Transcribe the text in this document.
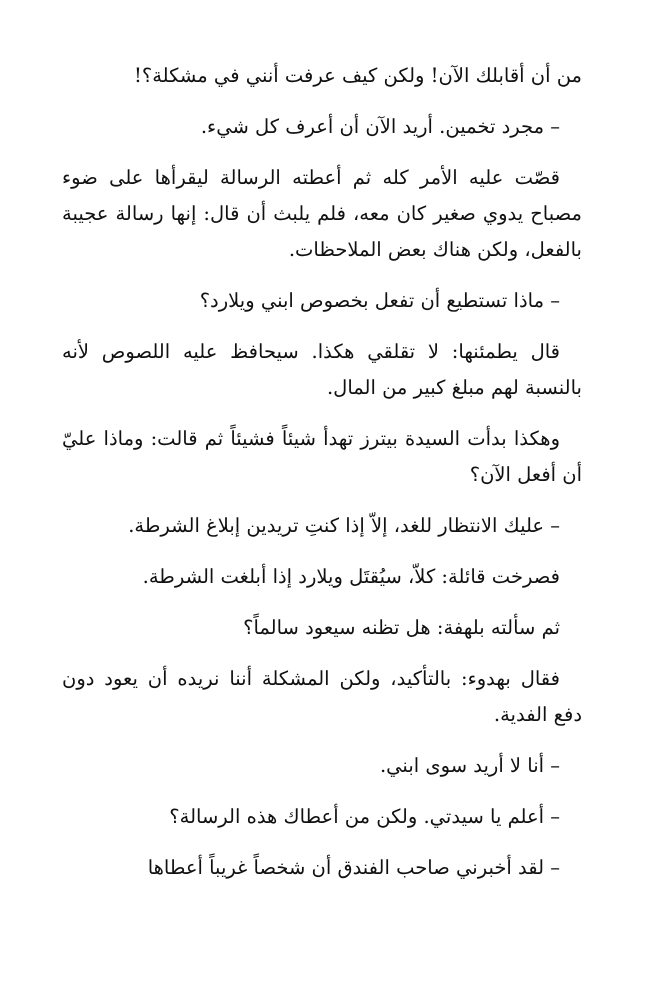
من أن أقابلك الآن! ولكن كيف عرفت أنني في مشكلة؟!

– مجرد تخمين. أريد الآن أن أعرف كل شيء.

قصّت عليه الأمر كله ثم أعطته الرسالة ليقرأها على ضوء مصباح يدوي صغير كان معه، فلم يلبث أن قال: إنها رسالة عجيبة بالفعل، ولكن هناك بعض الملاحظات.

– ماذا تستطيع أن تفعل بخصوص ابني ويلارد؟

قال يطمئنها: لا تقلقي هكذا. سيحافظ عليه اللصوص لأنه بالنسبة لهم مبلغ كبير من المال.

وهكذا بدأت السيدة بيترز تهدأ شيئاً فشيئاً ثم قالت: وماذا عليّ أن أفعل الآن؟

– عليك الانتظار للغد، إلاّ إذا كنتِ تريدين إبلاغ الشرطة.

فصرخت قائلة: كلاّ، سيُقتَل ويلارد إذا أبلغت الشرطة.

ثم سألته بلهفة: هل تظنه سيعود سالماً؟

فقال بهدوء: بالتأكيد، ولكن المشكلة أننا نريده أن يعود دون دفع الفدية.

– أنا لا أريد سوى ابني.

– أعلم يا سيدتي. ولكن من أعطاك هذه الرسالة؟

– لقد أخبرني صاحب الفندق أن شخصاً غريباً أعطاها
